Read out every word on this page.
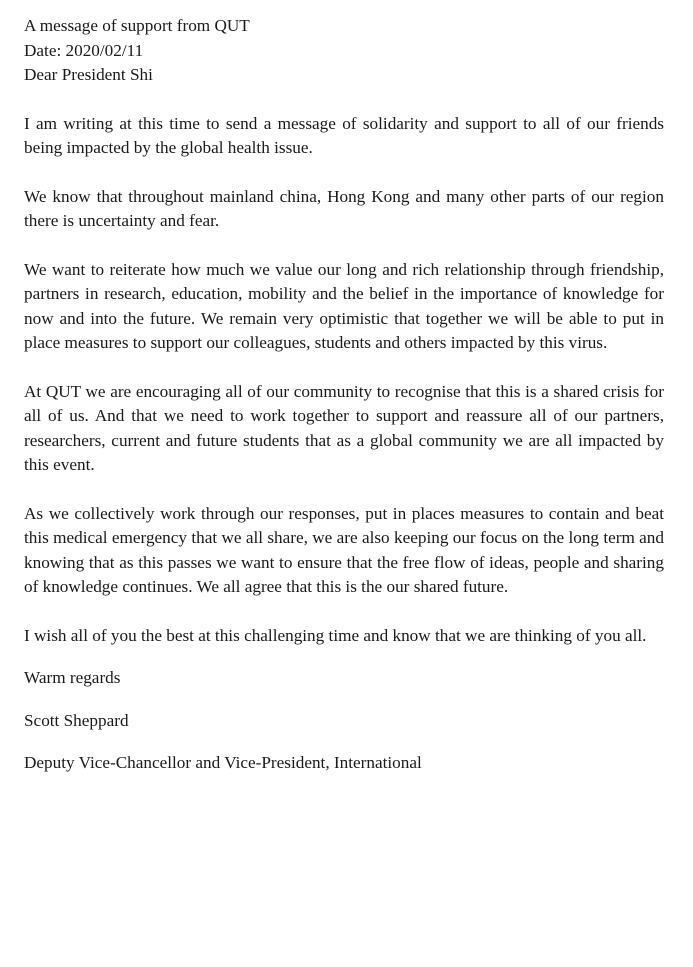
A message of support from QUT

Date: 2020/02/11

Dear President Shi

I am writing at this time to send a message of solidarity and support to all of our friends being impacted by the global health issue.

We know that throughout mainland china, Hong Kong and many other parts of our region there is uncertainty and fear.

We want to reiterate how much we value our long and rich relationship through friendship, partners in research, education, mobility and the belief in the importance of knowledge for now and into the future. We remain very optimistic that together we will be able to put in place measures to support our colleagues, students and others impacted by this virus.

At QUT we are encouraging all of our community to recognise that this is a shared crisis for all of us. And that we need to work together to support and reassure all of our partners, researchers, current and future students that as a global community we are all impacted by this event.

As we collectively work through our responses, put in places measures to contain and beat this medical emergency that we all share, we are also keeping our focus on the long term and knowing that as this passes we want to ensure that the free flow of ideas, people and sharing of knowledge continues. We all agree that this is the our shared future.

I wish all of you the best at this challenging time and know that we are thinking of you all.

Warm regards

Scott Sheppard

Deputy Vice-Chancellor and Vice-President, International
